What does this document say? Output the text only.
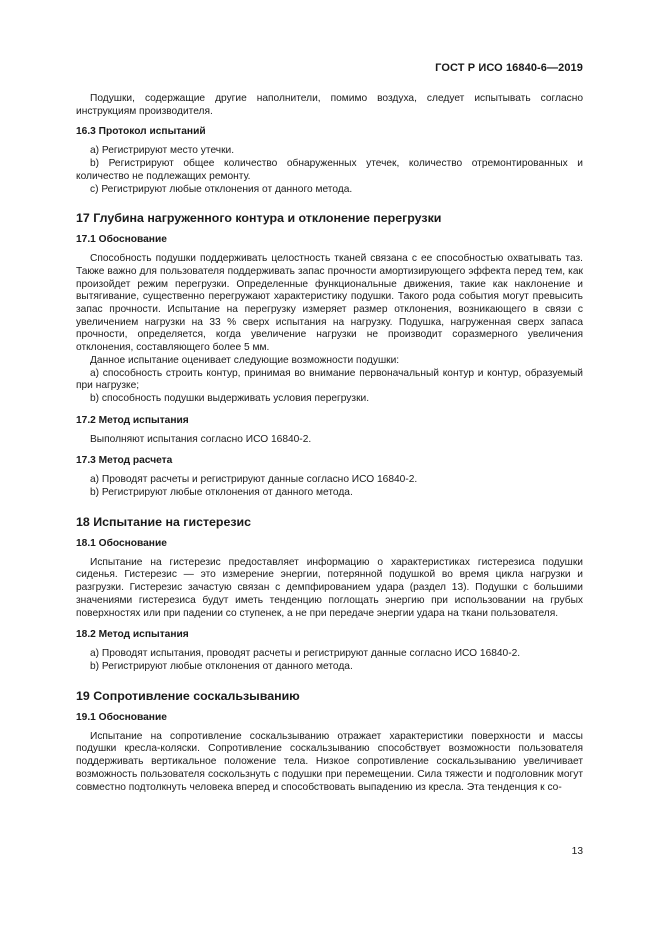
ГОСТ Р ИСО 16840-6—2019

Подушки, содержащие другие наполнители, помимо воздуха, следует испытывать согласно инструкциям производителя.

16.3 Протокол испытаний

a) Регистрируют место утечки.

b) Регистрируют общее количество обнаруженных утечек, количество отремонтированных и количество не подлежащих ремонту.

c) Регистрируют любые отклонения от данного метода.

17 Глубина нагруженного контура и отклонение перегрузки
17.1 Обоснование

Способность подушки поддерживать целостность тканей связана с ее способностью охватывать таз. Также важно для пользователя поддерживать запас прочности амортизирующего эффекта перед тем, как произойдет режим перегрузки. Определенные функциональные движения, такие как наклонение и вытягивание, существенно перегружают характеристику подушки. Такого рода события могут превысить запас прочности. Испытание на перегрузку измеряет размер отклонения, возникающего в связи с увеличением нагрузки на 33 % сверх испытания на нагрузку. Подушка, нагруженная сверх запаса прочности, определяется, когда увеличение нагрузки не производит соразмерного увеличения отклонения, составляющего более 5 мм.

Данное испытание оценивает следующие возможности подушки:

a) способность строить контур, принимая во внимание первоначальный контур и контур, образуемый при нагрузке;

b) способность подушки выдерживать условия перегрузки.

17.2 Метод испытания

Выполняют испытания согласно ИСО 16840-2.

17.3 Метод расчета

a) Проводят расчеты и регистрируют данные согласно ИСО 16840-2.

b) Регистрируют любые отклонения от данного метода.

18 Испытание на гистерезис
18.1 Обоснование

Испытание на гистерезис предоставляет информацию о характеристиках гистерезиса подушки сиденья. Гистерезис — это измерение энергии, потерянной подушкой во время цикла нагрузки и разгрузки. Гистерезис зачастую связан с демпфированием удара (раздел 13). Подушки с большими значениями гистерезиса будут иметь тенденцию поглощать энергию при использовании на грубых поверхностях или при падении со ступенек, а не при передаче энергии удара на ткани пользователя.

18.2 Метод испытания

a) Проводят испытания, проводят расчеты и регистрируют данные согласно ИСО 16840-2.

b) Регистрируют любые отклонения от данного метода.

19 Сопротивление соскальзыванию
19.1 Обоснование

Испытание на сопротивление соскальзыванию отражает характеристики поверхности и массы подушки кресла-коляски. Сопротивление соскальзыванию способствует возможности пользователя поддерживать вертикальное положение тела. Низкое сопротивление соскальзыванию увеличивает возможность пользователя соскользнуть с подушки при перемещении. Сила тяжести и подголовник могут совместно подтолкнуть человека вперед и способствовать выпадению из кресла. Эта тенденция к со-

13
